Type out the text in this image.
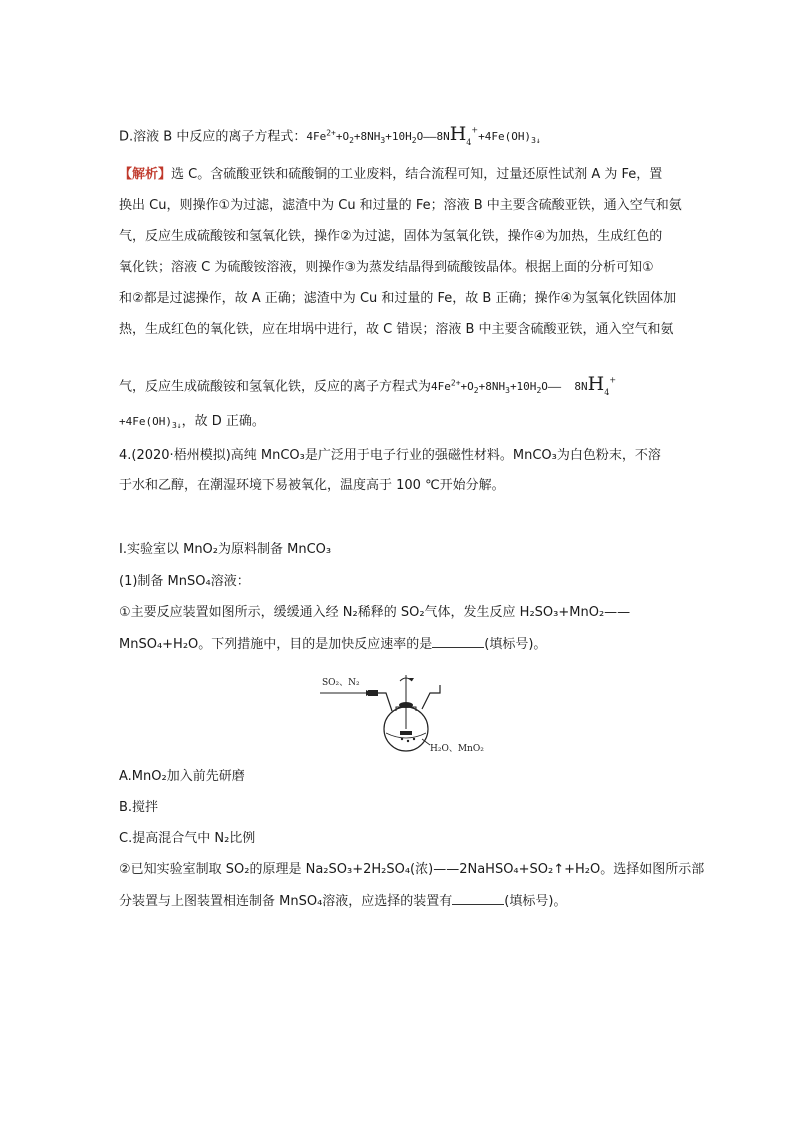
D.溶液 B 中反应的离子方程式：$4Fe^{2+}+O_2+8NH_3+10H_2O——8NH_4^++4Fe(OH)_{3↓}$
【解析】选 C。含硫酸亚铁和硫酸铜的工业废料，结合流程可知，过量还原性试剂 A 为 Fe，置
换出 Cu，则操作①为过滤，滤渣中为 Cu 和过量的 Fe；溶液 B 中主要含硫酸亚铁，通入空气和氨
气，反应生成硫酸铵和氢氧化铁，操作②为过滤，固体为氢氧化铁，操作④为加热，生成红色的
氧化铁；溶液 C 为硫酸铵溶液，则操作③为蒸发结晶得到硫酸铵晶体。根据上面的分析可知①
和②都是过滤操作，故 A 正确；滤渣中为 Cu 和过量的 Fe，故 B 正确；操作④为氢氧化铁固体加
热，生成红色的氧化铁，应在坩埚中进行，故 C 错误；溶液 B 中主要含硫酸亚铁，通入空气和氨
气，反应生成硫酸铵和氢氧化铁，反应的离子方程式为$4Fe^{2+}+O_2+8NH_3+10H_2O——$ $8NH_4^+$
$+4Fe(OH)_{3↓}$，故 D 正确。
4.(2020·梧州模拟)高纯 MnCO₃是广泛用于电子行业的强磁性材料。MnCO₃为白色粉末，不溶
于水和乙醇，在潮湿环境下易被氧化，温度高于 100 ℃开始分解。
Ⅰ.实验室以 MnO₂为原料制备 MnCO₃
(1)制备 MnSO₄溶液：
①主要反应装置如图所示，缓缓通入经 N₂稀释的 SO₂气体，发生反应 H₂SO₃+MnO₂——
MnSO₄+H₂O。下列措施中，目的是加快反应速率的是	(填标号)。
SO₂、N₂
H₂O、MnO₂
A.MnO₂加入前先研磨
B.搅拌
C.提高混合气中 N₂比例
②已知实验室制取 SO₂的原理是 Na₂SO₃+2H₂SO₄(浓)——2NaHSO₄+SO₂↑+H₂O。选择如图所示部
分装置与上图装置相连制备 MnSO₄溶液，应选择的装置有	(填标号)。
